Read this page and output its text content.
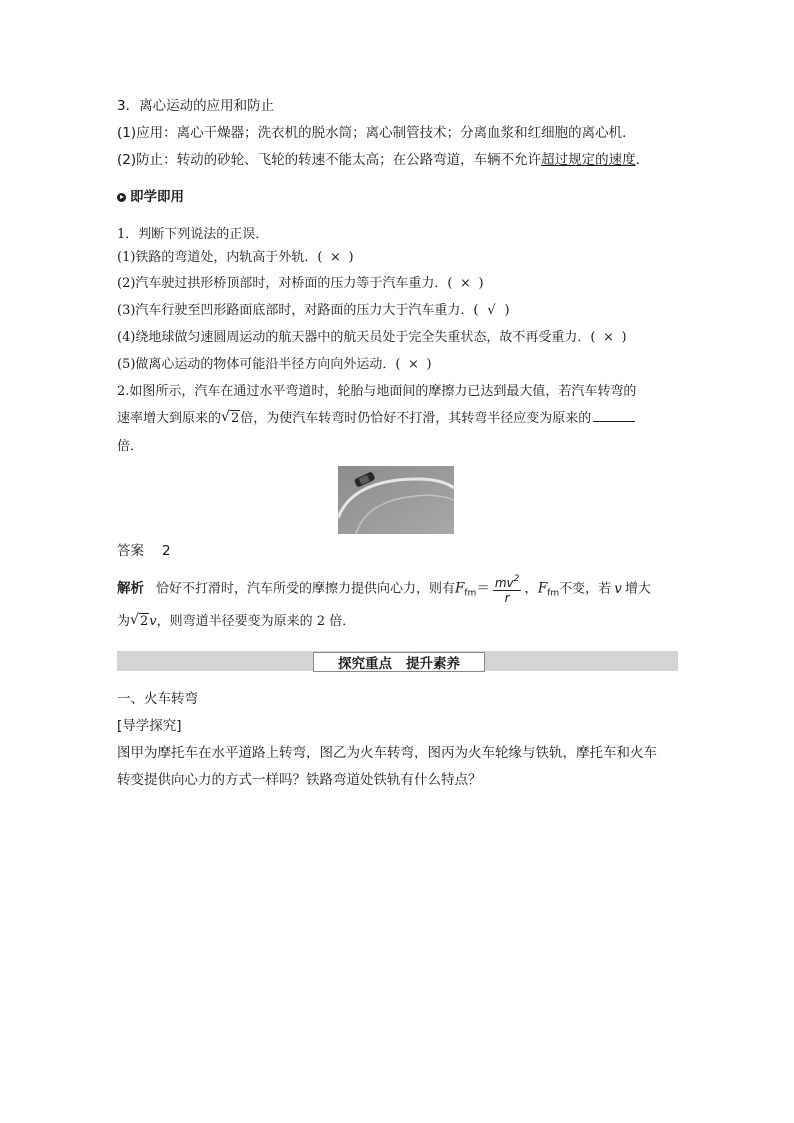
3．离心运动的应用和防止
(1)应用：离心干燥器；洗衣机的脱水筒；离心制管技术；分离血浆和红细胞的离心机．
(2)防止：转动的砂轮、飞轮的转速不能太高；在公路弯道，车辆不允许超过规定的速度．
即学即用
1．判断下列说法的正误．
(1)铁路的弯道处，内轨高于外轨．( × )
(2)汽车驶过拱形桥顶部时，对桥面的压力等于汽车重力．( × )
(3)汽车行驶至凹形路面底部时，对路面的压力大于汽车重力．( √ )
(4)绕地球做匀速圆周运动的航天器中的航天员处于完全失重状态，故不再受重力．( × )
(5)做离心运动的物体可能沿半径方向向外运动．( × )
2.如图所示，汽车在通过水平弯道时，轮胎与地面间的摩擦力已达到最大值，若汽车转弯的
速率增大到原来的 √ 2倍，为使汽车转弯时仍恰好不打滑，其转弯半径应变为原来的
倍．
答案 2
解析 恰好不打滑时，汽车所受的摩擦力提供向心力，则有$F_{fm}= \frac{mv^2}{r}$ ，$F_{fm}$不变，若 v 增大
为 √ 2v，则弯道半径要变为原来的 2 倍．
探究重点 提升素养
一、火车转弯
[导学探究]
图甲为摩托车在水平道路上转弯，图乙为火车转弯，图丙为火车轮缘与铁轨，摩托车和火车
转变提供向心力的方式一样吗？铁路弯道处铁轨有什么特点？
